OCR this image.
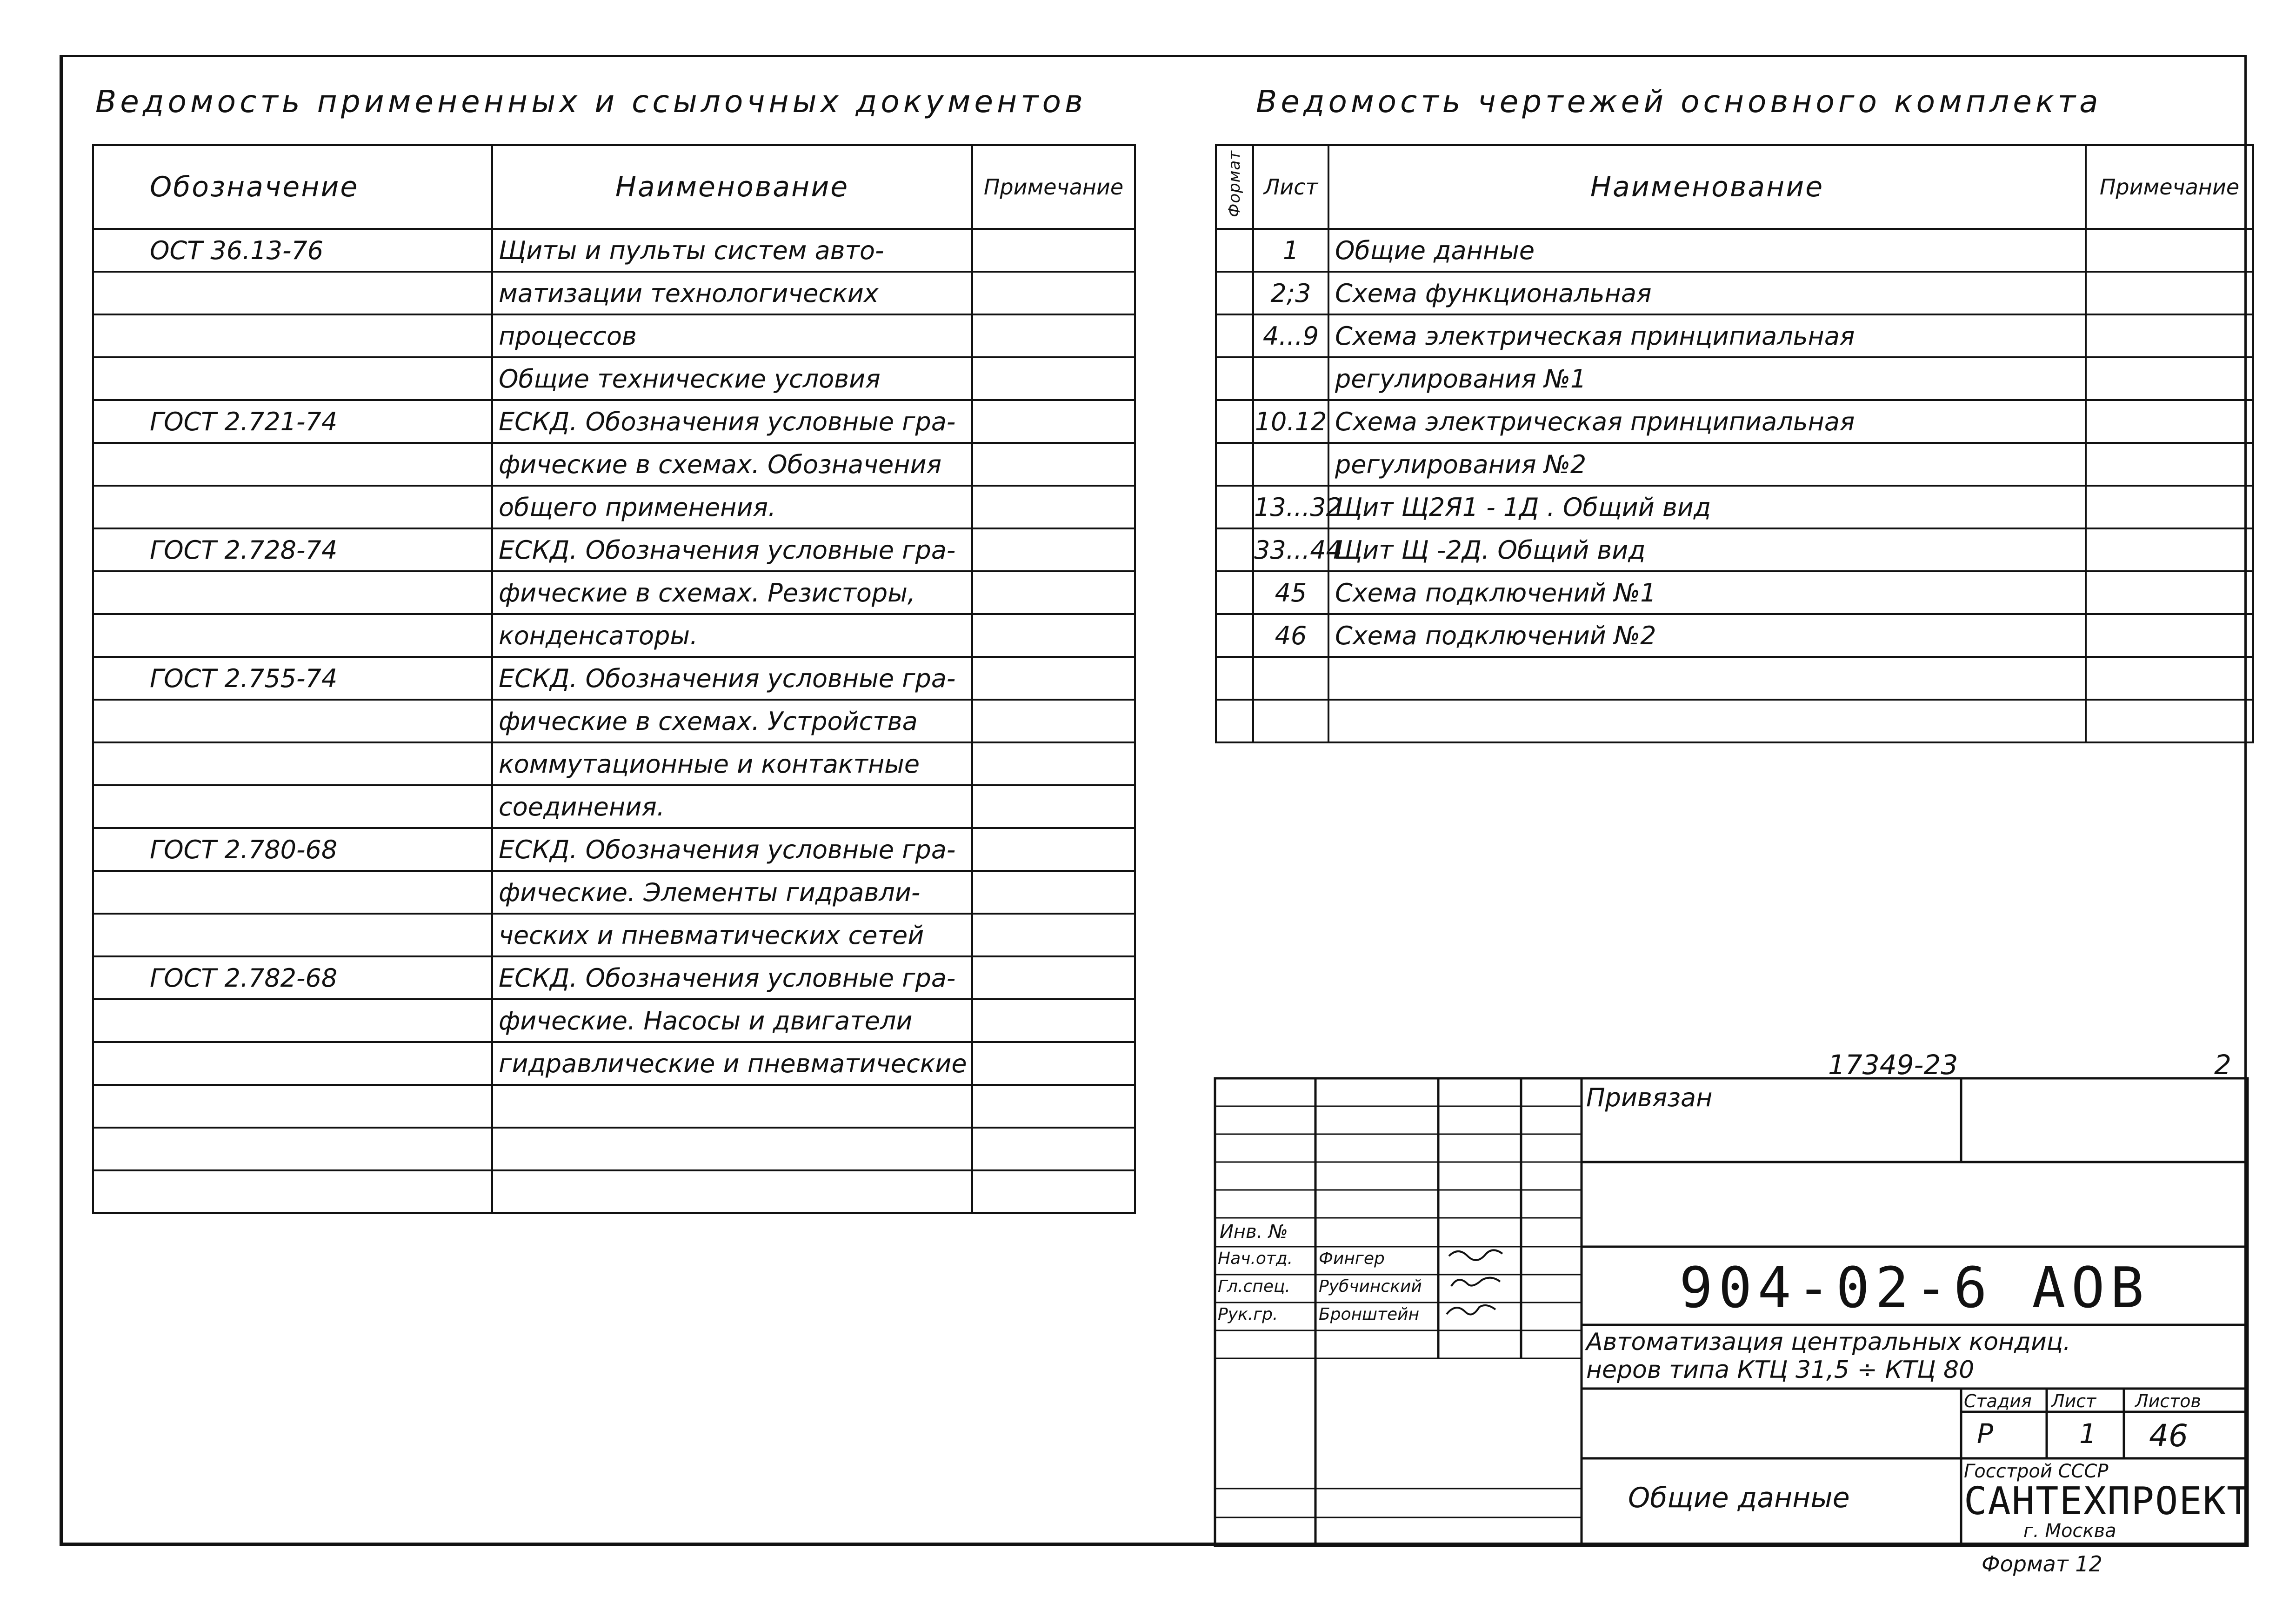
Ведомость примененных и ссылочных документов
Обозначение	Наименование	Примечание
ОСТ 36.13-76	Щиты и пульты систем авто-	
	матизации технологических	
	процессов	
	Общие технические условия	
ГОСТ 2.721-74	ЕСКД. Обозначения условные гра-	
	фические в схемах. Обозначения	
	общего применения.	
ГОСТ 2.728-74	ЕСКД. Обозначения условные гра-	
	фические в схемах. Резисторы,	
	конденсаторы.	
ГОСТ 2.755-74	ЕСКД. Обозначения условные гра-	
	фические в схемах. Устройства	
	коммутационные и контактные	
	соединения.	
ГОСТ 2.780-68	ЕСКД. Обозначения условные гра-	
	фические. Элементы гидравли-	
	ческих и пневматических сетей	
ГОСТ 2.782-68	ЕСКД. Обозначения условные гра-	
	фические. Насосы и двигатели	
	гидравлические и пневматические	

Ведомость чертежей основного комплекта
Формат	Лист	Наименование	Примечание
	1	Общие данные	
	2;3	Схема функциональная	
	4...9	Схема электрическая принципиальная	
		регулирования №1	
	10.12	Схема электрическая принципиальная	
		регулирования №2	
	13...32	Щит Щ2Я1 - 1Д . Общий вид	
	33...44	Щит Щ -2Д. Общий вид	
	45	Схема подключений №1	
	46	Схема подключений №2	

17349-23	2
Привязан
Инв. №
Нач.отд. Фингер
Гл.спец. Рубчинский
Рук.гр. Бронштейн	904-02-6 АОВ
Автоматизация центральных кондиц.
неров типа КТЦ 31,5 ÷ КТЦ 80
Стадия Лист Листов
Р	1 46
Общие данные
Госстрой СССР
САНТЕХПРОЕКТ
г. Москва
Формат 12
